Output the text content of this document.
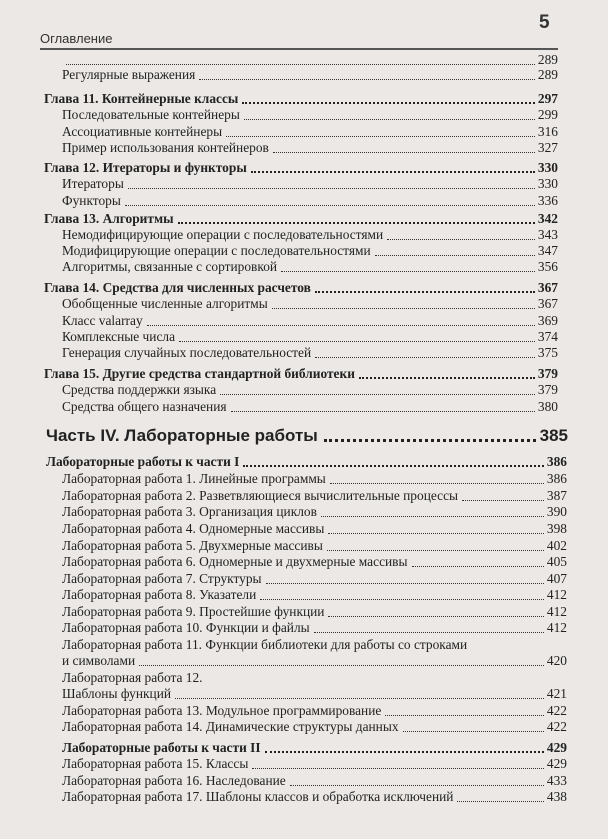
Оглавление
5
289
Регулярные выражения	289
Глава 11. Контейнерные классы	297
Последовательные контейнеры	299
Ассоциативные контейнеры	316
Пример использования контейнеров	327
Глава 12. Итераторы и функторы	330
Итераторы	330
Функторы	336
Глава 13. Алгоритмы	342
Немодифицирующие операции с последовательностями	343
Модифицирующие операции с последовательностями	347
Алгоритмы, связанные с сортировкой	356
Глава 14. Средства для численных расчетов	367
Обобщенные численные алгоритмы	367
Класс valarray	369
Комплексные числа	374
Генерация случайных последовательностей	375
Глава 15. Другие средства стандартной библиотеки	379
Средства поддержки языка	379
Средства общего назначения	380
Часть IV. Лабораторные работы	385
Лабораторные работы к части I	386
Лабораторная работа 1. Линейные программы	386
Лабораторная работа 2. Разветвляющиеся вычислительные процессы	387
Лабораторная работа 3. Организация циклов	390
Лабораторная работа 4. Одномерные массивы	398
Лабораторная работа 5. Двухмерные массивы	402
Лабораторная работа 6. Одномерные и двухмерные массивы	405
Лабораторная работа 7. Структуры	407
Лабораторная работа 8. Указатели	412
Лабораторная работа 9. Простейшие функции	412
Лабораторная работа 10. Функции и файлы	412
Лабораторная работа 11. Функции библиотеки для работы со строками
и символами	420
Лабораторная работа 12.
Шаблоны функций	421
Лабораторная работа 13. Модульное программирование	422
Лабораторная работа 14. Динамические структуры данных	422
Лабораторные работы к части II	429
Лабораторная работа 15. Классы	429
Лабораторная работа 16. Наследование	433
Лабораторная работа 17. Шаблоны классов и обработка исключений	438
